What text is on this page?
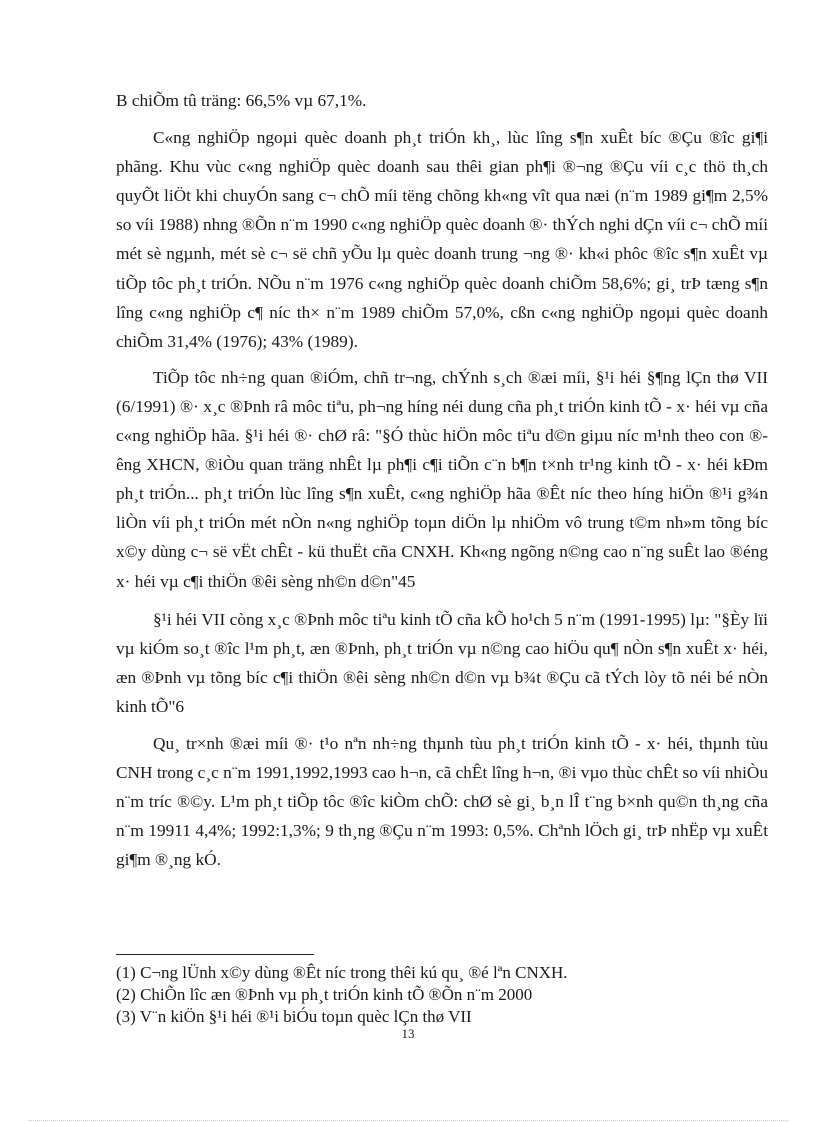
B chiÕm tû träng: 66,5% vµ 67,1%.

C«ng nghiÖp ngoµi quèc doanh ph¸t triÓn kh¸, lùc lîng s¶n xuÊt bíc ®Çu ®îc gi¶i phãng. Khu vùc c«ng nghiÖp quèc doanh sau thêi gian ph¶i ®¬ng ®Çu víi c¸c thö th¸ch quyÕt liÖt khi chuyÓn sang c¬ chÕ míi tëng chõng kh«ng vît qua næi (n¨m 1989 gi¶m 2,5% so víi 1988) nhng ®Õn n¨m 1990 c«ng nghiÖp quèc doanh ®· thÝch nghi dÇn víi c¬ chÕ míi mét sè ngµnh, mét sè c¬ së chñ yÕu lµ quèc doanh trung ¬ng ®· kh«i phôc ®îc s¶n xuÊt vµ tiÕp tôc ph¸t triÓn. NÕu n¨m 1976 c«ng nghiÖp quèc doanh chiÕm 58,6%; gi¸ trÞ tæng s¶n lîng c«ng nghiÖp c¶ níc th× n¨m 1989 chiÕm 57,0%, cßn c«ng nghiÖp ngoµi quèc doanh chiÕm 31,4% (1976); 43% (1989).

TiÕp tôc nh÷ng quan ®iÓm, chñ tr¬ng, chÝnh s¸ch ®æi míi, §¹i héi §¶ng lÇn thø VII (6/1991) ®· x¸c ®Þnh râ môc tiªu, ph¬ng híng néi dung cña ph¸t triÓn kinh tÕ - x· héi vµ cña c«ng nghiÖp hãa. §¹i héi ®· chØ râ: "§Ó thùc hiÖn môc tiªu d©n giµu níc m¹nh theo con ®êng XHCN, ®iÒu quan träng nhÊt lµ ph¶i c¶i tiÕn c¨n b¶n t×nh tr¹ng kinh tÕ - x· héi kÐm ph¸t triÓn... ph¸t triÓn lùc lîng s¶n xuÊt, c«ng nghiÖp hãa ®Êt níc theo híng hiÖn ®¹i g¾n liÒn víi ph¸t triÓn mét nÒn n«ng nghiÖp toµn diÖn lµ nhiÖm vô trung t©m nh»m tõng bíc x©y dùng c¬ së vËt chÊt - kü thuËt cña CNXH. Kh«ng ngõng n©ng cao n¨ng suÊt lao ®éng x· héi vµ c¶i thiÖn ®êi sèng nh©n d©n"45

§¹i héi VII còng x¸c ®Þnh môc tiªu kinh tÕ cña kÕ ho¹ch 5 n¨m (1991-1995) lµ: "§Èy lïi vµ kiÓm so¸t ®îc l¹m ph¸t, æn ®Þnh, ph¸t triÓn vµ n©ng cao hiÖu qu¶ nÒn s¶n xuÊt x· héi, æn ®Þnh vµ tõng bíc c¶i thiÖn ®êi sèng nh©n d©n vµ b¾t ®Çu cã tÝch lòy tõ néi bé nÒn kinh tÕ"6

Qu¸ tr×nh ®æi míi ®· t¹o nªn nh÷ng thµnh tùu ph¸t triÓn kinh tÕ - x· héi, thµnh tùu CNH trong c¸c n¨m 1991,1992,1993 cao h¬n, cã chÊt lîng h¬n, ®i vµo thùc chÊt so víi nhiÒu n¨m tríc ®©y. L¹m ph¸t tiÕp tôc ®îc kiÒm chÕ: chØ sè gi¸ b¸n lÎ t¨ng b×nh qu©n th¸ng cña n¨m 19911 4,4%; 1992:1,3%; 9 th¸ng ®Çu n¨m 1993: 0,5%. Chªnh lÖch gi¸ trÞ nhËp vµ xuÊt gi¶m ®¸ng kÓ.

(1) C¬ng lÜnh x©y dùng ®Êt níc trong thêi kú qu¸ ®é lªn CNXH.

(2) ChiÕn lîc æn ®Þnh vµ ph¸t triÓn kinh tÕ ®Õn n¨m 2000

(3) V¨n kiÖn §¹i héi ®¹i biÓu toµn quèc lÇn thø VII

13
